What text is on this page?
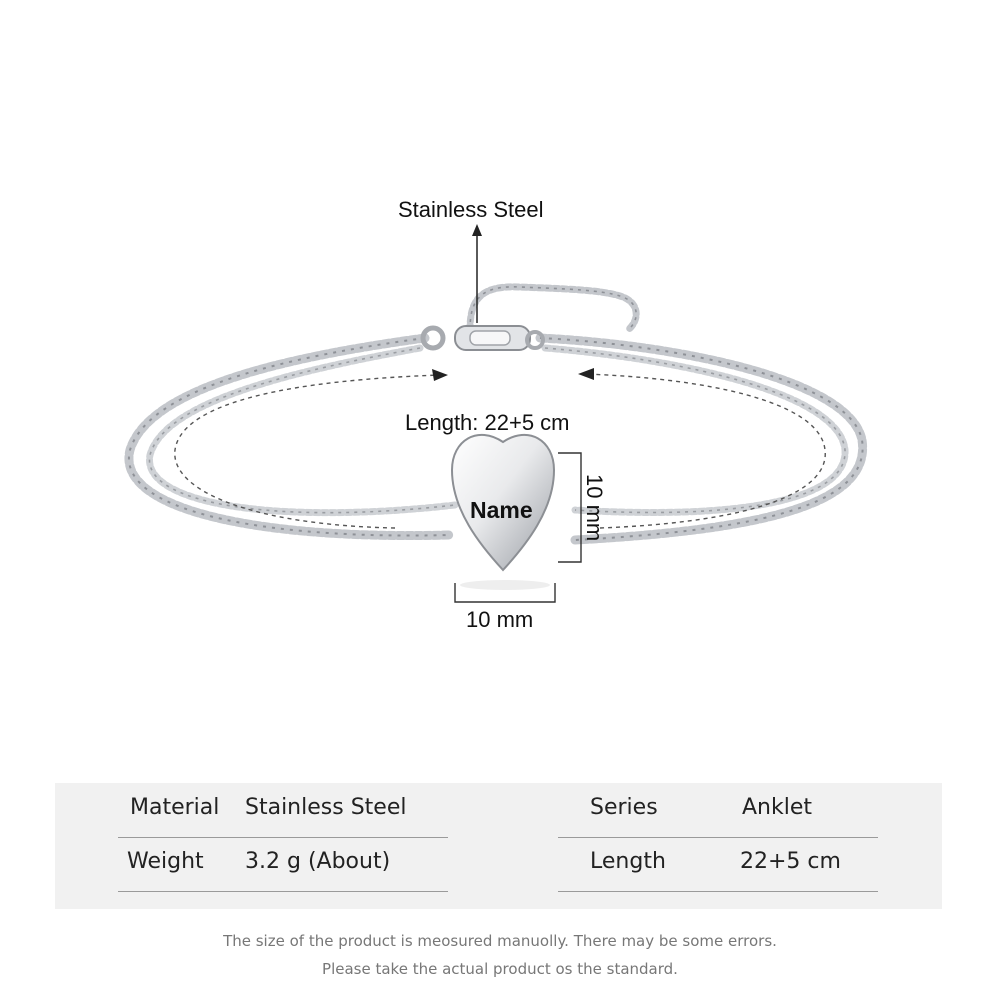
Stainless Steel
Length: 22+5 cm
10 mm
10 mm
Name
Material Stainless Steel	Series	Anklet
Weight 3.2 g (About)	Length	22+5 cm
The size of the product is meosured manuolly. There may be some errors.
Please take the actual product os the standard.
